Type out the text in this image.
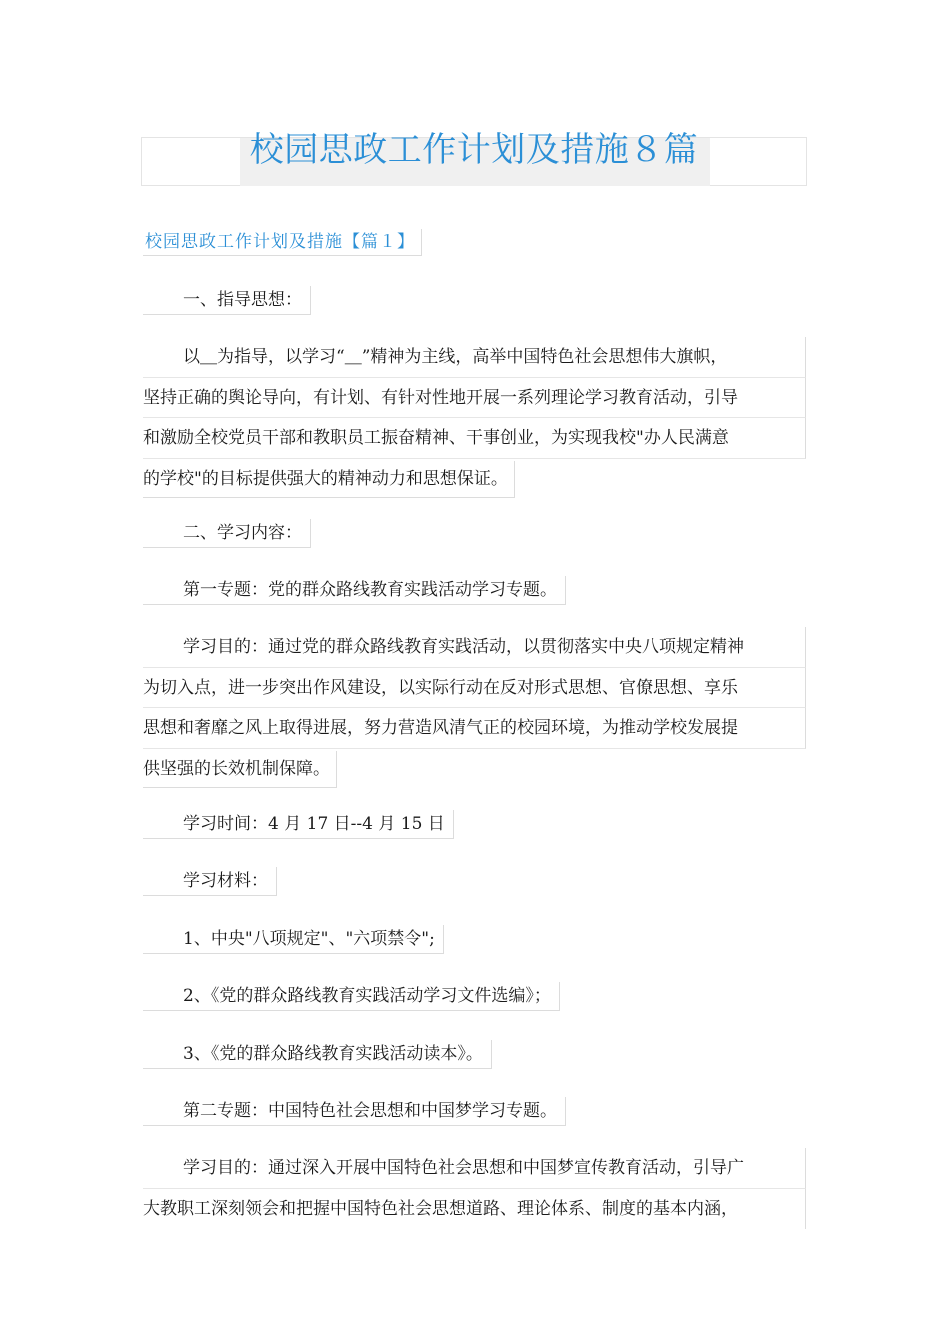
校园思政工作计划及措施８篇
校园思政工作计划及措施【篇１】
一、指导思想：
以＿为指导，以学习“＿”精神为主线，高举中国特色社会思想伟大旗帜，
坚持正确的舆论导向，有计划、有针对性地开展一系列理论学习教育活动，引导
和激励全校党员干部和教职员工振奋精神、干事创业，为实现我校"办人民满意
的学校"的目标提供强大的精神动力和思想保证。
二、学习内容：
第一专题：党的群众路线教育实践活动学习专题。
学习目的：通过党的群众路线教育实践活动，以贯彻落实中央八项规定精神
为切入点，进一步突出作风建设，以实际行动在反对形式思想、官僚思想、享乐
思想和奢靡之风上取得进展，努力营造风清气正的校园环境，为推动学校发展提
供坚强的长效机制保障。
学习时间：4 月 17 日--4 月 15 日
学习材料：
1、中央"八项规定"、"六项禁令";
2、《党的群众路线教育实践活动学习文件选编》；
3、《党的群众路线教育实践活动读本》。
第二专题：中国特色社会思想和中国梦学习专题。
学习目的：通过深入开展中国特色社会思想和中国梦宣传教育活动，引导广
大教职工深刻领会和把握中国特色社会思想道路、理论体系、制度的基本内涵，
